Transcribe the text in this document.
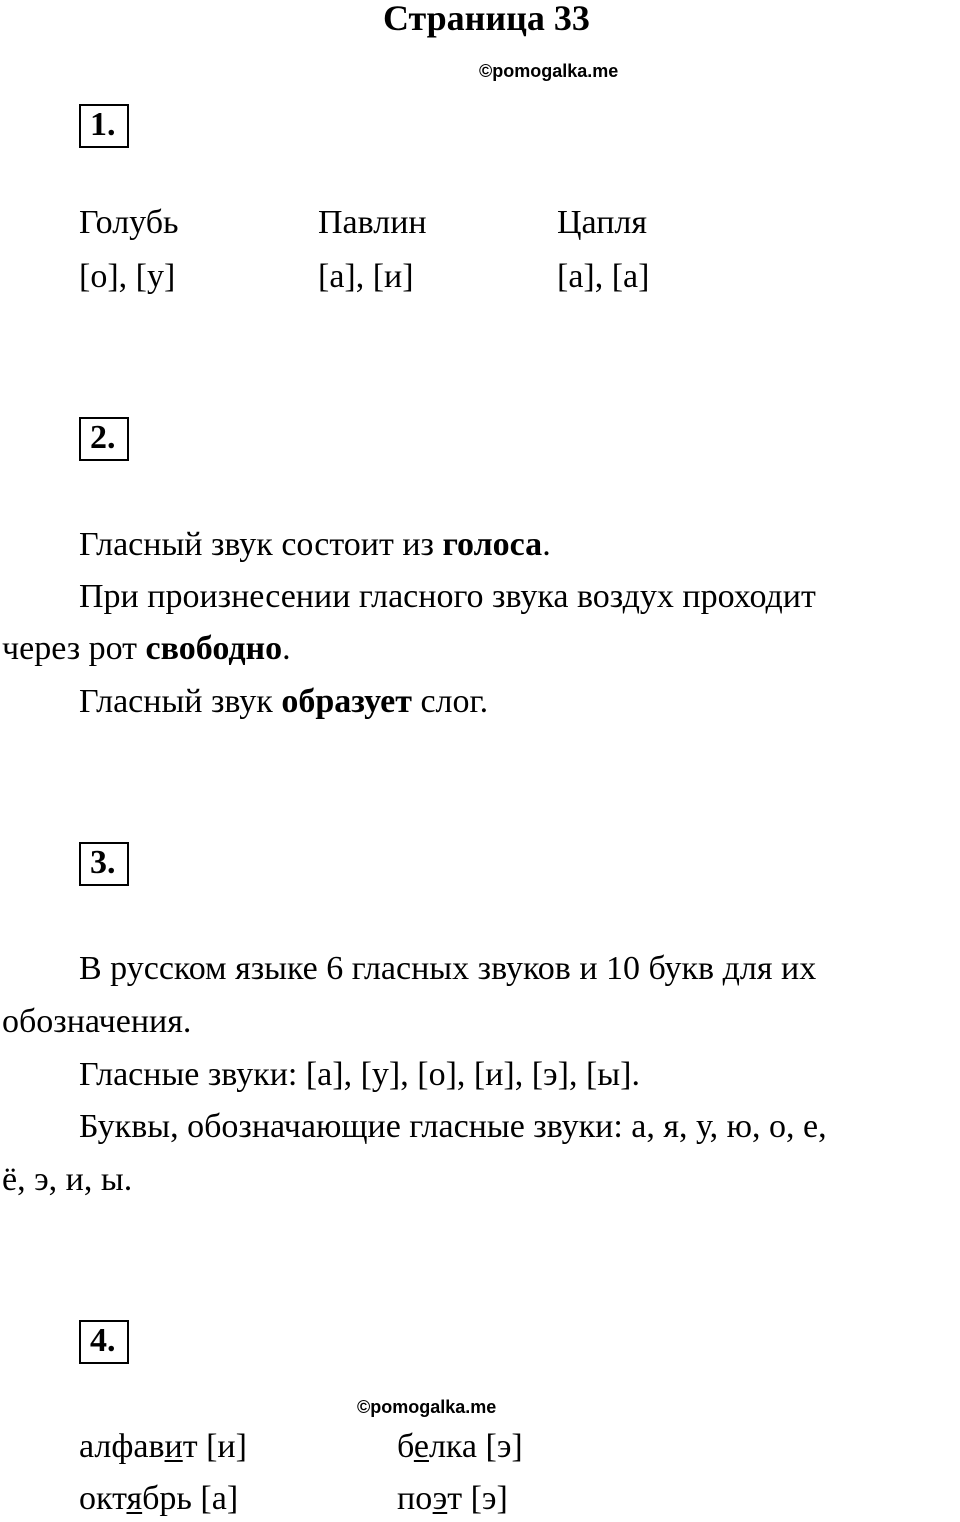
Страница 33
©pomogalka.me
1.
Голубь
[о], [у]
Павлин
[а], [и]
Цапля
[а], [а]
2.
Гласный звук состоит из голоса.
При произнесении гласного звука воздух проходит
через рот свободно.
Гласный звук образует слог.
3.
В русском языке 6 гласных звуков и 10 букв для их
обозначения.
Гласные звуки: [а], [у], [о], [и], [э], [ы].
Буквы, обозначающие гласные звуки: а, я, у, ю, о, е,
ё, э, и, ы.
4.
©pomogalka.me
алфавит [и]	белка [э]
октябрь [а]	поэт [э]
